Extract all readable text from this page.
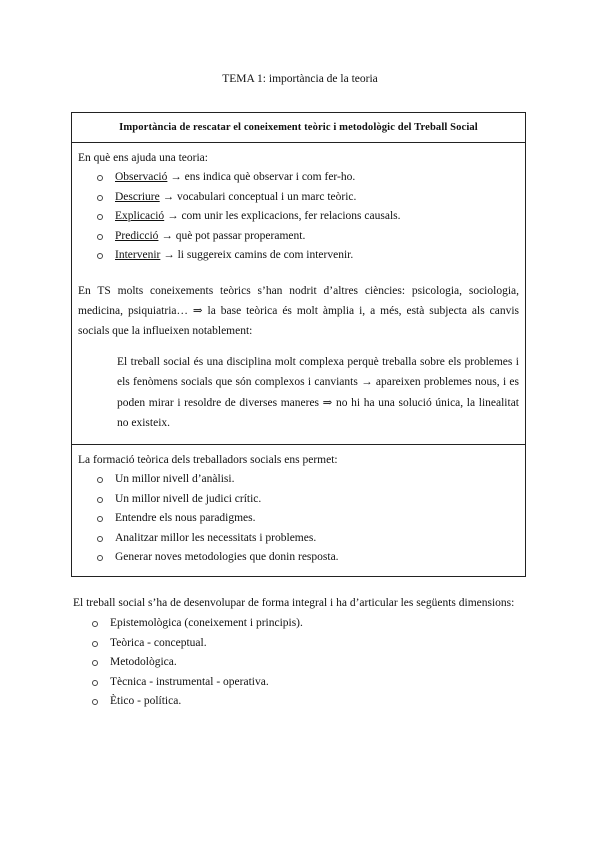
TEMA 1: importància de la teoria
Importància de rescatar el coneixement teòric i metodològic del Treball Social
En què ens ajuda una teoria:
Observació → ens indica què observar i com fer-ho.
Descriure → vocabulari conceptual i un marc teòric.
Explicació → com unir les explicacions, fer relacions causals.
Predicció → què pot passar properament.
Intervenir → li suggereix camins de com intervenir.
En TS molts coneixements teòrics s’han nodrit d’altres ciències: psicologia, sociologia, medicina, psiquiatria… ⇒ la base teòrica és molt àmplia i, a més, està subjecta als canvis socials que la influeixen notablement:
El treball social és una disciplina molt complexa perquè treballa sobre els problemes i els fenòmens socials que són complexos i canviants → apareixen problemes nous, i es poden mirar i resoldre de diverses maneres ⇒ no hi ha una solució única, la linealitat no existeix.
La formació teòrica dels treballadors socials ens permet:
Un millor nivell d’anàlisi.
Un millor nivell de judici crític.
Entendre els nous paradigmes.
Analitzar millor les necessitats i problemes.
Generar noves metodologies que donin resposta.
El treball social s’ha de desenvolupar de forma integral i ha d’articular les següents dimensions:
Epistemològica (coneixement i principis).
Teòrica - conceptual.
Metodològica.
Tècnica - instrumental - operativa.
Ètico - política.
